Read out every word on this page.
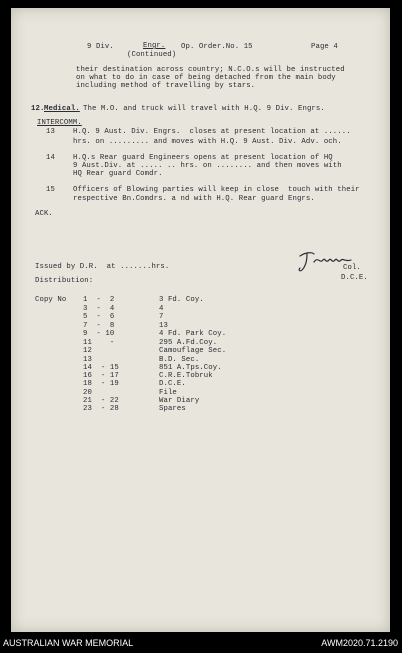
9 Div.	Engr. Op. Order.No. 15	Page 4
(Continued)
their destination across country; N.C.O.s will be instructed
on what to do in case of being detached from the main body
including method of travelling by stars.
12. Medical. The M.O. and truck will travel with H.Q. 9 Div. Engrs.
INTERCOMM.
13 H.Q. 9 Aust. Div. Engrs.  closes at present location at ......
hrs. on ......... and moves with H.Q. 9 Aust. Div. Adv. och.
14 H.Q.s Rear guard Engineers opens at present location of HQ
9 Aust.Div. at ..... .. hrs. on ........ and then moves with
HQ Rear guard Comdr.
15 Officers of Blowing parties will keep in close  touch with their
respective Bn.Comdrs. a nd with H.Q. Rear guard Engrs.
ACK.
Col.
D.C.E.
Issued by D.R.  at .......hrs.
Distribution:
Copy No 1  -  2	3 Fd. Coy.
3  -  4	4
5  -  6	7
7  -  8	13
9  - 10	4 Fd. Park Coy.
11    -	295 A.Fd.Coy.
12	Camouflage Sec.
13	B.D. Sec.
14  - 15	851 A.Tps.Coy.
16  - 17	C.R.E.Tobruk
18  - 19	D.C.E.
20	File
21  - 22	War Diary
23  - 28	Spares
AUSTRALIAN WAR MEMORIAL	AWM2020.71.2190
